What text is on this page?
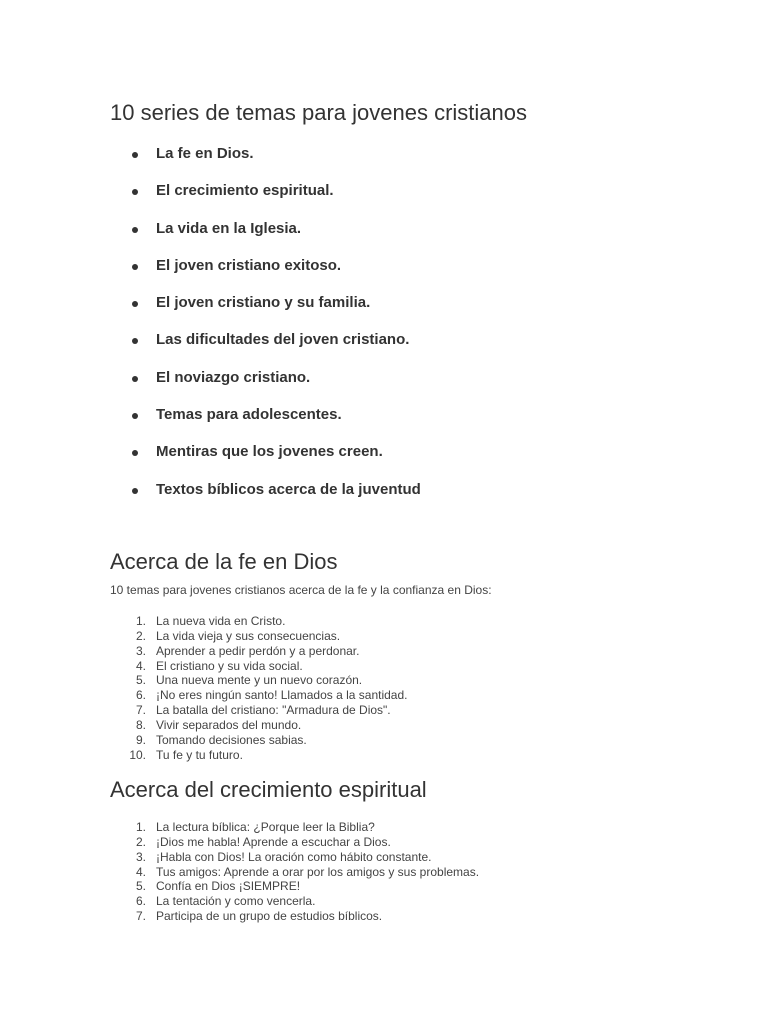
10 series de temas para jovenes cristianos
La fe en Dios.
El crecimiento espiritual.
La vida en la Iglesia.
El joven cristiano exitoso.
El joven cristiano y su familia.
Las dificultades del joven cristiano.
El noviazgo cristiano.
Temas para adolescentes.
Mentiras que los jovenes creen.
Textos bíblicos acerca de la juventud
Acerca de la fe en Dios

10 temas para jovenes cristianos acerca de la fe y la confianza en Dios:

1. La nueva vida en Cristo.
2. La vida vieja y sus consecuencias.
3. Aprender a pedir perdón y a perdonar.
4. El cristiano y su vida social.
5. Una nueva mente y un nuevo corazón.
6. ¡No eres ningún santo! Llamados a la santidad.
7. La batalla del cristiano: "Armadura de Dios".
8. Vivir separados del mundo.
9. Tomando decisiones sabias.
10. Tu fe y tu futuro.
Acerca del crecimiento espiritual
1. La lectura bíblica: ¿Porque leer la Biblia?
2. ¡Dios me habla! Aprende a escuchar a Dios.
3. ¡Habla con Dios! La oración como hábito constante.
4. Tus amigos: Aprende a orar por los amigos y sus problemas.
5. Confía en Dios ¡SIEMPRE!
6. La tentación y como vencerla.
7. Participa de un grupo de estudios bíblicos.
